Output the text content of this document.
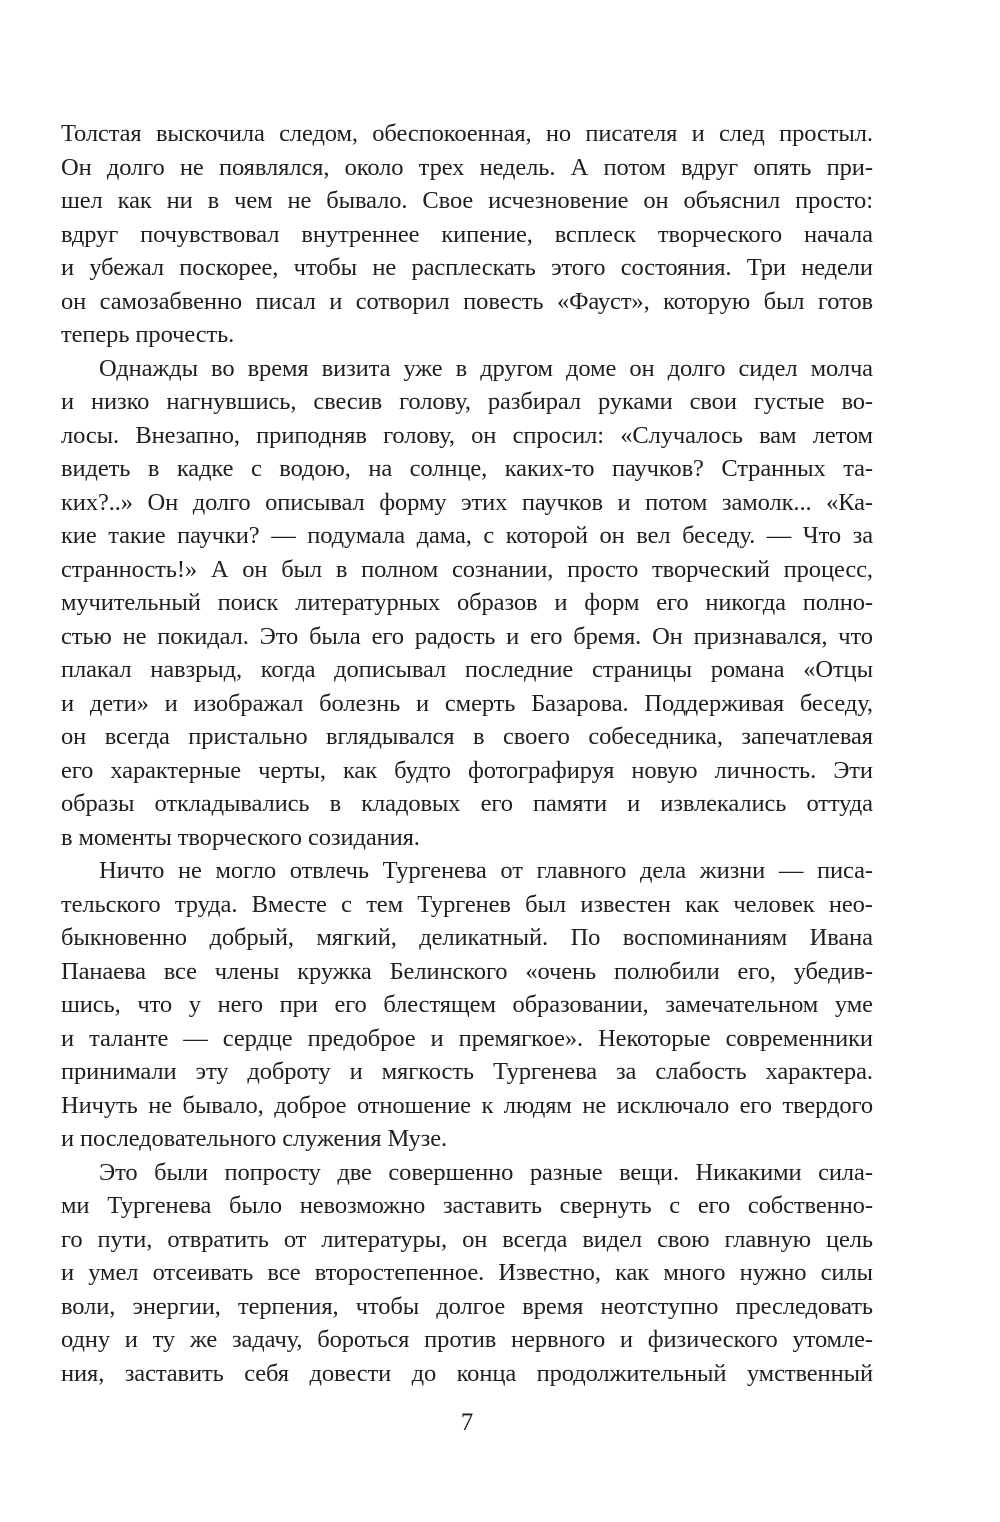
Толстая выскочила следом, обеспокоенная, но писателя и след простыл.
Он долго не появлялся, около трех недель. А потом вдруг опять при-
шел как ни в чем не бывало. Свое исчезновение он объяснил просто:
вдруг почувствовал внутреннее кипение, всплеск творческого начала
и убежал поскорее, чтобы не расплескать этого состояния. Три недели
он самозабвенно писал и сотворил повесть «Фауст», которую был готов
теперь прочесть.
Однажды во время визита уже в другом доме он долго сидел молча
и низко нагнувшись, свесив голову, разбирал руками свои густые во-
лосы. Внезапно, приподняв голову, он спросил: «Случалось вам летом
видеть в кадке с водою, на солнце, каких-то паучков? Странных та-
ких?..» Он долго описывал форму этих паучков и потом замолк... «Ка-
кие такие паучки? — подумала дама, с которой он вел беседу. — Что за
странность!» А он был в полном сознании, просто творческий процесс,
мучительный поиск литературных образов и форм его никогда полно-
стью не покидал. Это была его радость и его бремя. Он признавался, что
плакал навзрыд, когда дописывал последние страницы романа «Отцы
и дети» и изображал болезнь и смерть Базарова. Поддерживая беседу,
он всегда пристально вглядывался в своего собеседника, запечатлевая
его характерные черты, как будто фотографируя новую личность. Эти
образы откладывались в кладовых его памяти и извлекались оттуда
в моменты творческого созидания.
Ничто не могло отвлечь Тургенева от главного дела жизни — писа-
тельского труда. Вместе с тем Тургенев был известен как человек нео-
быкновенно добрый, мягкий, деликатный. По воспоминаниям Ивана
Панаева все члены кружка Белинского «очень полюбили его, убедив-
шись, что у него при его блестящем образовании, замечательном уме
и таланте — сердце предоброе и премягкое». Некоторые современники
принимали эту доброту и мягкость Тургенева за слабость характера.
Ничуть не бывало, доброе отношение к людям не исключало его твердого
и последовательного служения Музе.
Это были попросту две совершенно разные вещи. Никакими сила-
ми Тургенева было невозможно заставить свернуть с его собственно-
го пути, отвратить от литературы, он всегда видел свою главную цель
и умел отсеивать все второстепенное. Известно, как много нужно силы
воли, энергии, терпения, чтобы долгое время неотступно преследовать
одну и ту же задачу, бороться против нервного и физического утомле-
ния, заставить себя довести до конца продолжительный умственный
7
